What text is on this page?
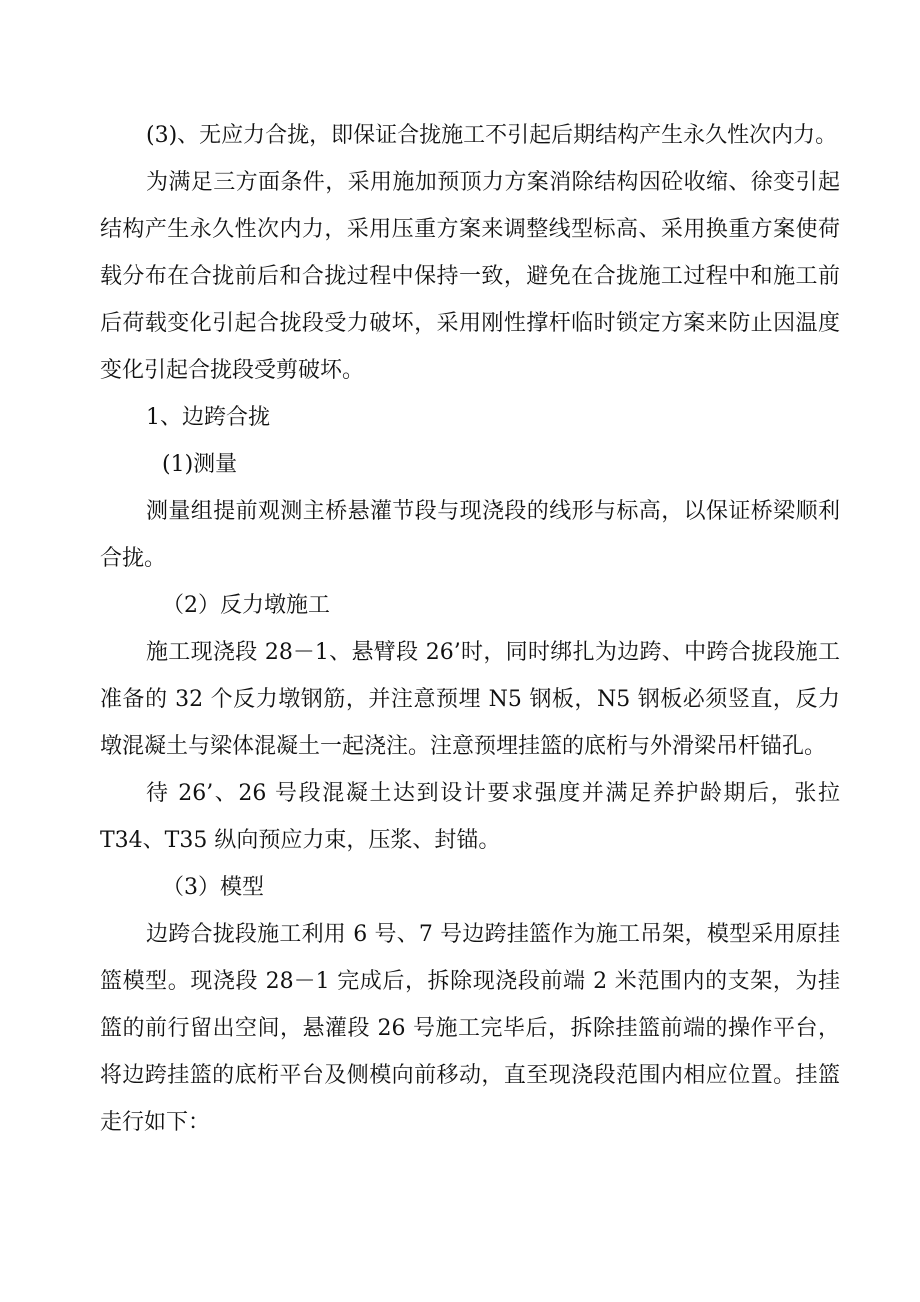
(3)、无应力合拢，即保证合拢施工不引起后期结构产生永久性次内力。

为满足三方面条件，采用施加预顶力方案消除结构因砼收缩、徐变引起结构产生永久性次内力，采用压重方案来调整线型标高、采用换重方案使荷载分布在合拢前后和合拢过程中保持一致，避免在合拢施工过程中和施工前后荷载变化引起合拢段受力破坏，采用刚性撑杆临时锁定方案来防止因温度变化引起合拢段受剪破坏。

1、边跨合拢

(1)测量

测量组提前观测主桥悬灌节段与现浇段的线形与标高，以保证桥梁顺利合拢。

（2）反力墩施工

施工现浇段 28－1、悬臂段 26’时，同时绑扎为边跨、中跨合拢段施工准备的 32 个反力墩钢筋，并注意预埋 N5 钢板，N5 钢板必须竖直，反力墩混凝土与梁体混凝土一起浇注。注意预埋挂篮的底桁与外滑梁吊杆锚孔。

待 26’、26 号段混凝土达到设计要求强度并满足养护龄期后，张拉 T34、T35 纵向预应力束，压浆、封锚。

（3）模型

边跨合拢段施工利用 6 号、7 号边跨挂篮作为施工吊架，模型采用原挂篮模型。现浇段 28－1 完成后，拆除现浇段前端 2 米范围内的支架，为挂篮的前行留出空间，悬灌段 26 号施工完毕后，拆除挂篮前端的操作平台，将边跨挂篮的底桁平台及侧模向前移动，直至现浇段范围内相应位置。挂篮走行如下：
